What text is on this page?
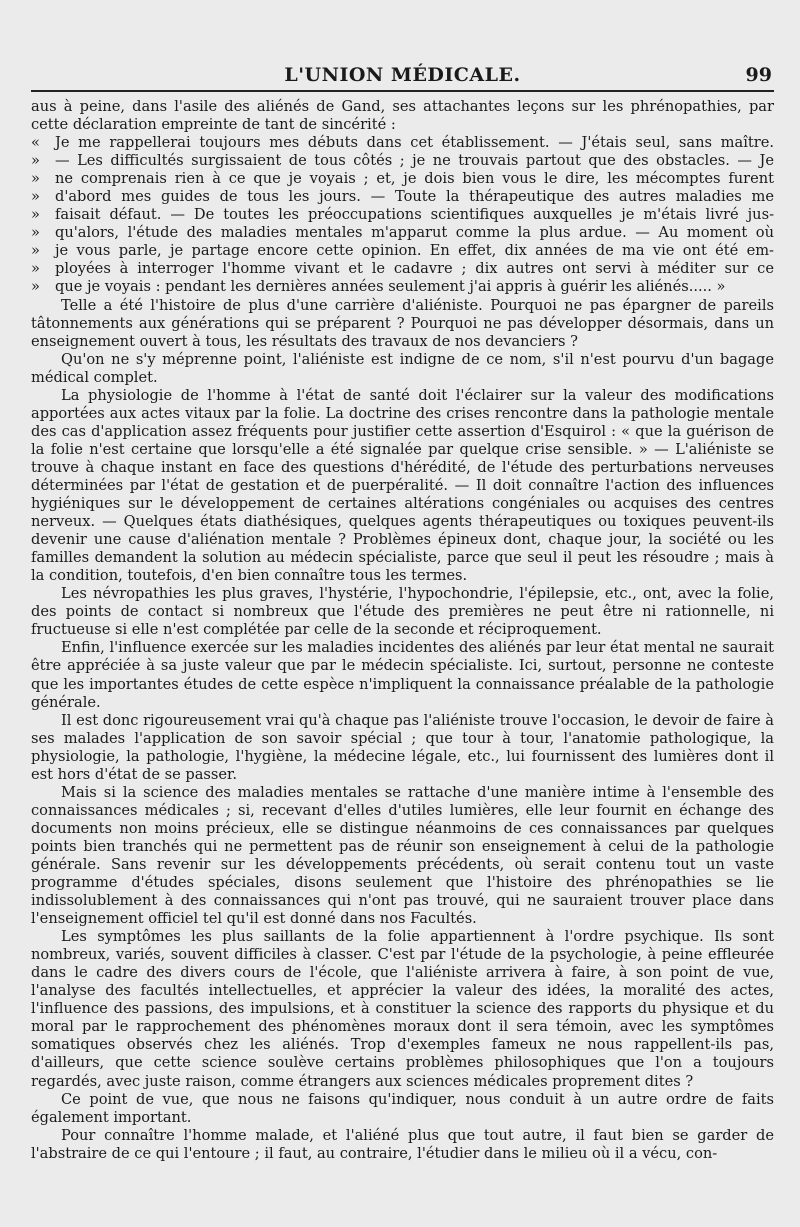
L'UNION MÉDICALE.	99

aus à peine, dans l'asile des aliénés de Gand, ses attachantes leçons sur les phrénopathies, par cette déclaration empreinte de tant de sincérité :

«	Je me rappellerai toujours mes débuts dans cet établissement. — J'étais seul, sans maître.
»	— Les difficultés surgissaient de tous côtés ; je ne trouvais partout que des obstacles. — Je
»	ne comprenais rien à ce que je voyais ; et, je dois bien vous le dire, les mécomptes furent
»	d'abord mes guides de tous les jours. — Toute la thérapeutique des autres maladies me
»	faisait défaut. — De toutes les préoccupations scientifiques auxquelles je m'étais livré jus-
»	qu'alors, l'étude des maladies mentales m'apparut comme la plus ardue. — Au moment où
»	je vous parle, je partage encore cette opinion. En effet, dix années de ma vie ont été em-
»	ployées à interroger l'homme vivant et le cadavre ; dix autres ont servi à méditer sur ce
»	que je voyais : pendant les dernières années seulement j'ai appris à guérir les aliénés..... »

Telle a été l'histoire de plus d'une carrière d'aliéniste. Pourquoi ne pas épargner de pareils tâtonnements aux générations qui se préparent ? Pourquoi ne pas développer désormais, dans un enseignement ouvert à tous, les résultats des travaux de nos devanciers ?

Qu'on ne s'y méprenne point, l'aliéniste est indigne de ce nom, s'il n'est pourvu d'un bagage médical complet.

La physiologie de l'homme à l'état de santé doit l'éclairer sur la valeur des modifications apportées aux actes vitaux par la folie. La doctrine des crises rencontre dans la pathologie mentale des cas d'application assez fréquents pour justifier cette assertion d'Esquirol : « que la guérison de la folie n'est certaine que lorsqu'elle a été signalée par quelque crise sensible. » — L'aliéniste se trouve à chaque instant en face des questions d'hérédité, de l'étude des perturbations nerveuses déterminées par l'état de gestation et de puerpéralité. — Il doit connaître l'action des influences hygiéniques sur le développement de certaines altérations congéniales ou acquises des centres nerveux. — Quelques états diathésiques, quelques agents thérapeutiques ou toxiques peuvent-ils devenir une cause d'aliénation mentale ? Problèmes épineux dont, chaque jour, la société ou les familles demandent la solution au médecin spécialiste, parce que seul il peut les résoudre ; mais à la condition, toutefois, d'en bien connaître tous les termes.

Les névropathies les plus graves, l'hystérie, l'hypochondrie, l'épilepsie, etc., ont, avec la folie, des points de contact si nombreux que l'étude des premières ne peut être ni rationnelle, ni fructueuse si elle n'est complétée par celle de la seconde et réciproquement.

Enfin, l'influence exercée sur les maladies incidentes des aliénés par leur état mental ne saurait être appréciée à sa juste valeur que par le médecin spécialiste. Ici, surtout, personne ne conteste que les importantes études de cette espèce n'impliquent la connaissance préalable de la pathologie générale.

Il est donc rigoureusement vrai qu'à chaque pas l'aliéniste trouve l'occasion, le devoir de faire à ses malades l'application de son savoir spécial ; que tour à tour, l'anatomie pathologique, la physiologie, la pathologie, l'hygiène, la médecine légale, etc., lui fournissent des lumières dont il est hors d'état de se passer.

Mais si la science des maladies mentales se rattache d'une manière intime à l'ensemble des connaissances médicales ; si, recevant d'elles d'utiles lumières, elle leur fournit en échange des documents non moins précieux, elle se distingue néanmoins de ces connaissances par quelques points bien tranchés qui ne permettent pas de réunir son enseignement à celui de la pathologie générale. Sans revenir sur les développements précédents, où serait contenu tout un vaste programme d'études spéciales, disons seulement que l'histoire des phrénopathies se lie indissolublement à des connaissances qui n'ont pas trouvé, qui ne sauraient trouver place dans l'enseignement officiel tel qu'il est donné dans nos Facultés.

Les symptômes les plus saillants de la folie appartiennent à l'ordre psychique. Ils sont nombreux, variés, souvent difficiles à classer. C'est par l'étude de la psychologie, à peine effleurée dans le cadre des divers cours de l'école, que l'aliéniste arrivera à faire, à son point de vue, l'analyse des facultés intellectuelles, et apprécier la valeur des idées, la moralité des actes, l'influence des passions, des impulsions, et à constituer la science des rapports du physique et du moral par le rapprochement des phénomènes moraux dont il sera témoin, avec les symptômes somatiques observés chez les aliénés. Trop d'exemples fameux ne nous rappellent-ils pas, d'ailleurs, que cette science soulève certains problèmes philosophiques que l'on a toujours regardés, avec juste raison, comme étrangers aux sciences médicales proprement dites ?

Ce point de vue, que nous ne faisons qu'indiquer, nous conduit à un autre ordre de faits également important.

Pour connaître l'homme malade, et l'aliéné plus que tout autre, il faut bien se garder de l'abstraire de ce qui l'entoure ; il faut, au contraire, l'étudier dans le milieu où il a vécu, con-
